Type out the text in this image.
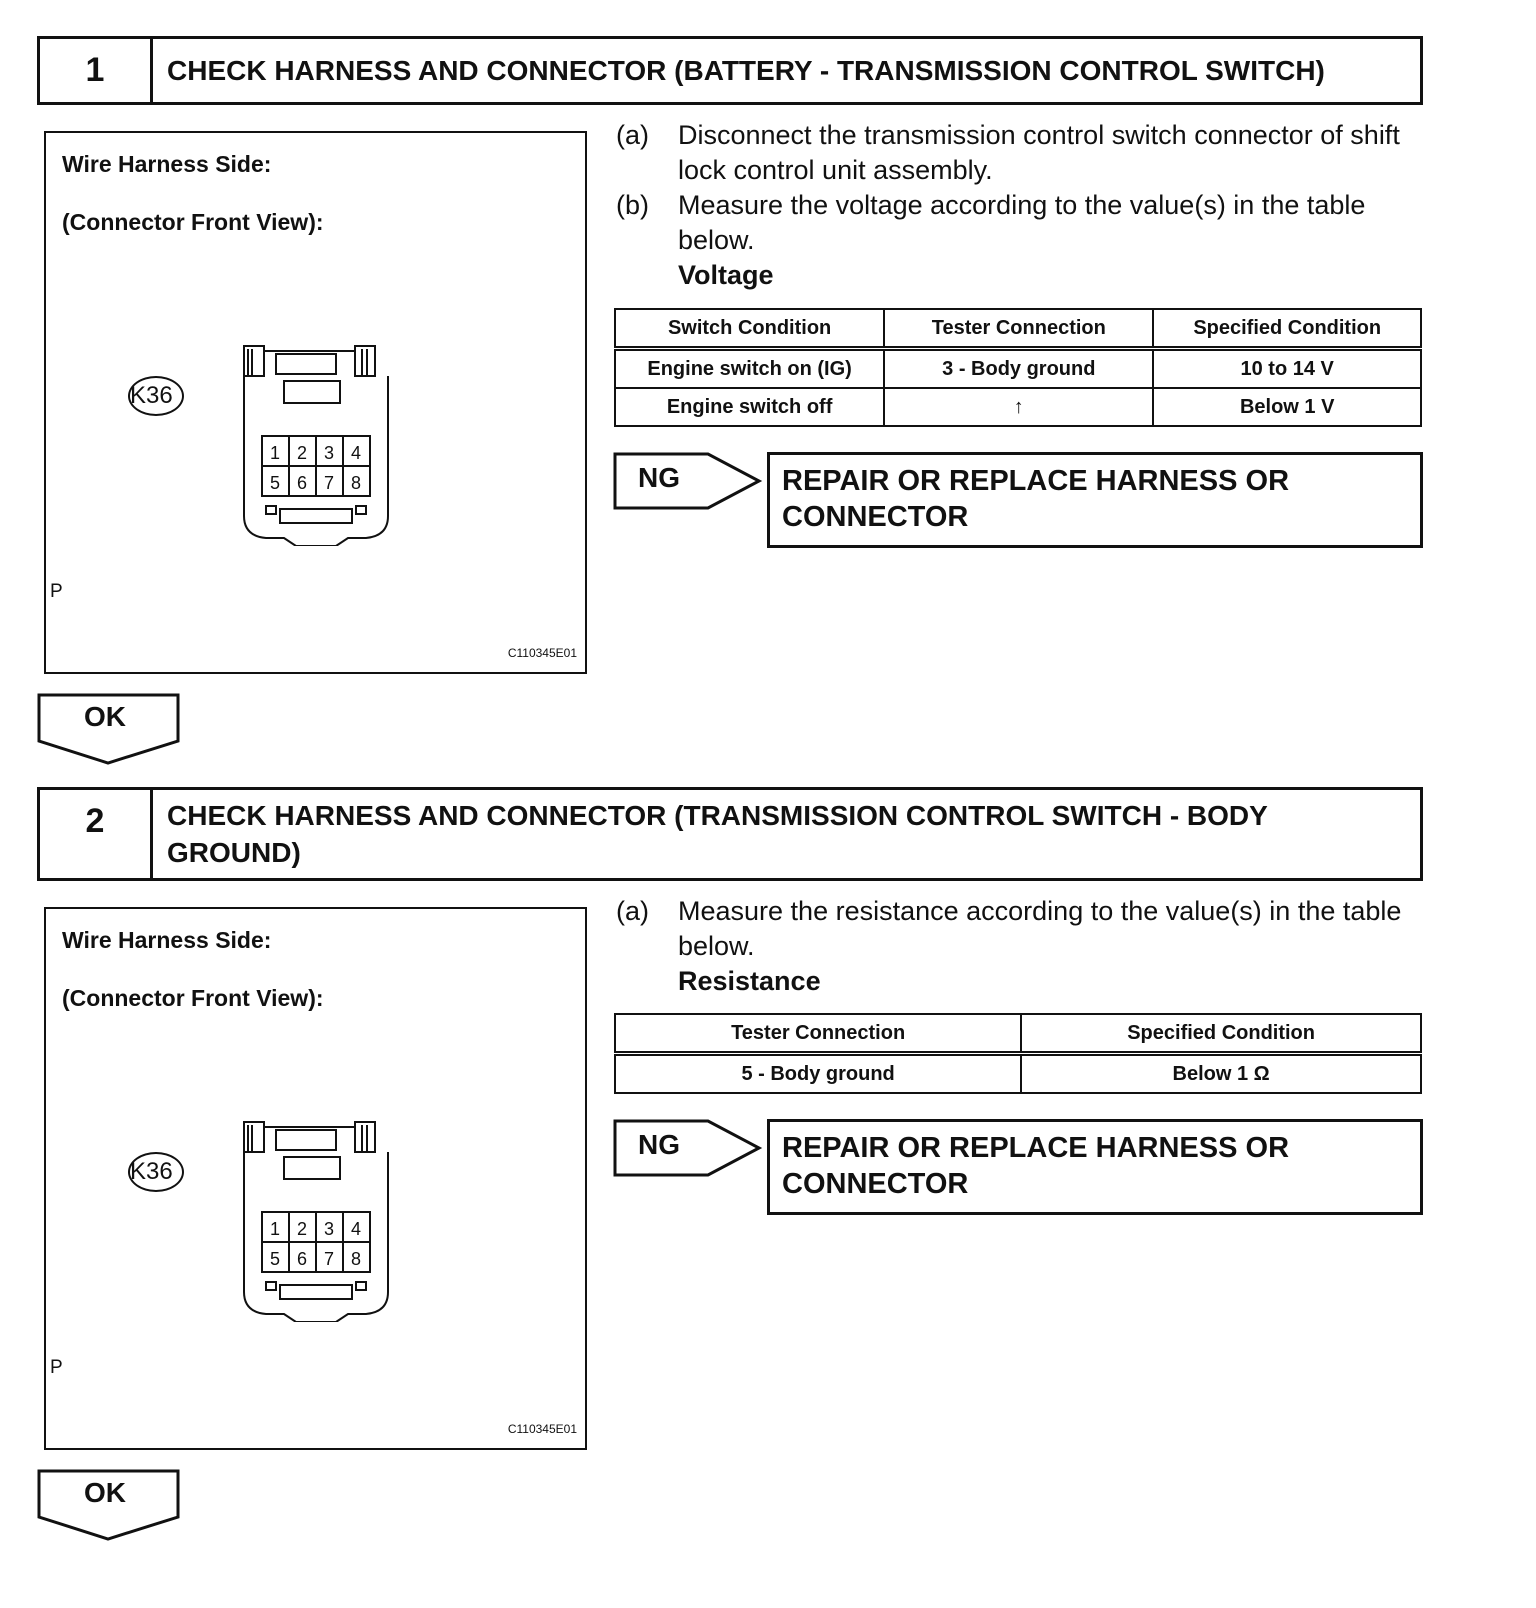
1	CHECK HARNESS AND CONNECTOR (BATTERY - TRANSMISSION CONTROL SWITCH)
Wire Harness Side:
(Connector Front View):
K36
1 2 3 4
5 6 7 8
P
C110345E01
(a)	Disconnect the transmission control switch connector of shift lock control unit assembly.
(b)	Measure the voltage according to the value(s) in the table below.
Voltage
Switch Condition	Tester Connection	Specified Condition
Engine switch on (IG)	3 - Body ground	10 to 14 V
Engine switch off	↑	Below 1 V
NG	REPAIR OR REPLACE HARNESS OR CONNECTOR
OK
2	CHECK HARNESS AND CONNECTOR (TRANSMISSION CONTROL SWITCH - BODY GROUND)
Wire Harness Side:
(Connector Front View):
K36
1 2 3 4
5 6 7 8
P
C110345E01
(a)	Measure the resistance according to the value(s) in the table below.
Resistance
Tester Connection	Specified Condition
5 - Body ground	Below 1 Ω
NG	REPAIR OR REPLACE HARNESS OR CONNECTOR
OK
